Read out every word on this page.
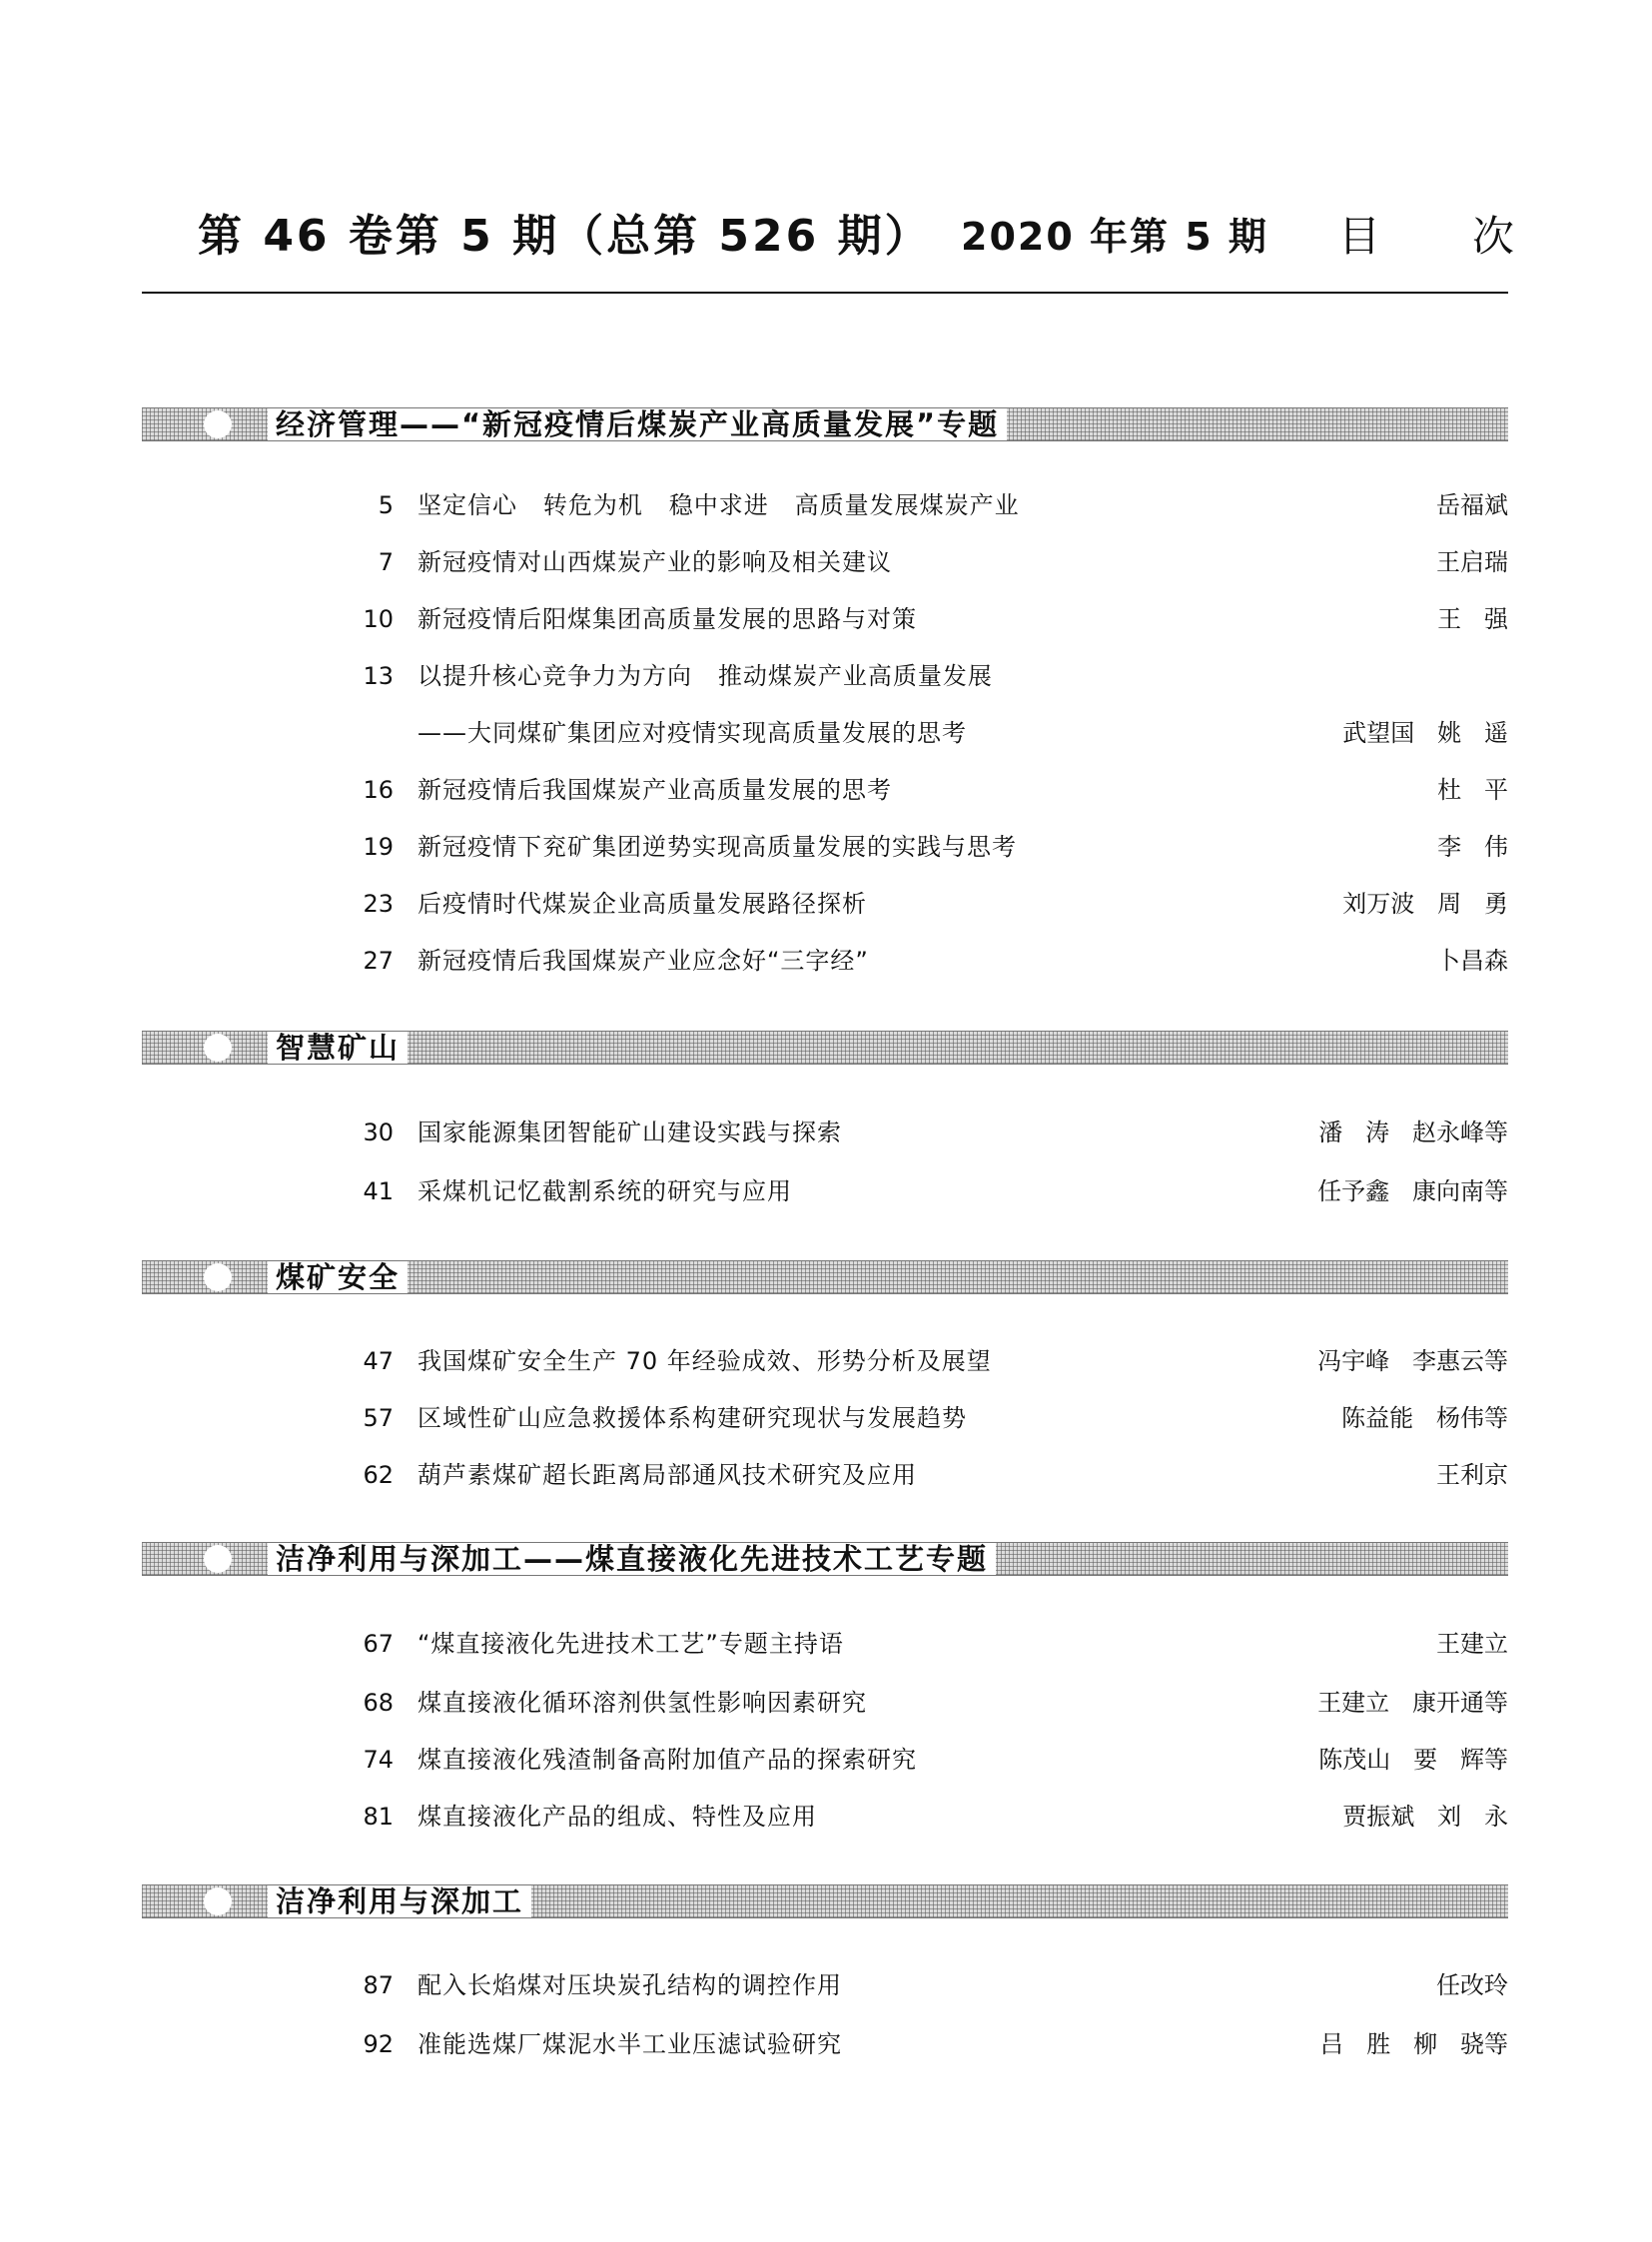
第 46 卷第 5 期（总第 526 期） 2020 年第 5 期 目 次
经济管理——“新冠疫情后煤炭产业高质量发展”专题
5 坚定信心   转危为机   稳中求进   高质量发展煤炭产业	岳福斌
7 新冠疫情对山西煤炭产业的影响及相关建议	王启瑞
10 新冠疫情后阳煤集团高质量发展的思路与对策	王   强
13 以提升核心竞争力为方向   推动煤炭产业高质量发展
——大同煤矿集团应对疫情实现高质量发展的思考	武望国   姚   遥
16 新冠疫情后我国煤炭产业高质量发展的思考	杜   平
19 新冠疫情下兖矿集团逆势实现高质量发展的实践与思考	李   伟
23 后疫情时代煤炭企业高质量发展路径探析	刘万波   周   勇
27 新冠疫情后我国煤炭产业应念好“三字经”	卜昌森
智慧矿山
30 国家能源集团智能矿山建设实践与探索	潘   涛   赵永峰等
41 采煤机记忆截割系统的研究与应用	任予鑫   康向南等
煤矿安全
47 我国煤矿安全生产 70 年经验成效、形势分析及展望	冯宇峰   李惠云等
57 区域性矿山应急救援体系构建研究现状与发展趋势	陈益能   杨伟等
62 葫芦素煤矿超长距离局部通风技术研究及应用	王利京
洁净利用与深加工——煤直接液化先进技术工艺专题
67 “煤直接液化先进技术工艺”专题主持语	王建立
68 煤直接液化循环溶剂供氢性影响因素研究	王建立   康开通等
74 煤直接液化残渣制备高附加值产品的探索研究	陈茂山   要   辉等
81 煤直接液化产品的组成、特性及应用	贾振斌   刘   永
洁净利用与深加工
87 配入长焰煤对压块炭孔结构的调控作用	任改玲
92 准能选煤厂煤泥水半工业压滤试验研究	吕   胜   柳   骁等
